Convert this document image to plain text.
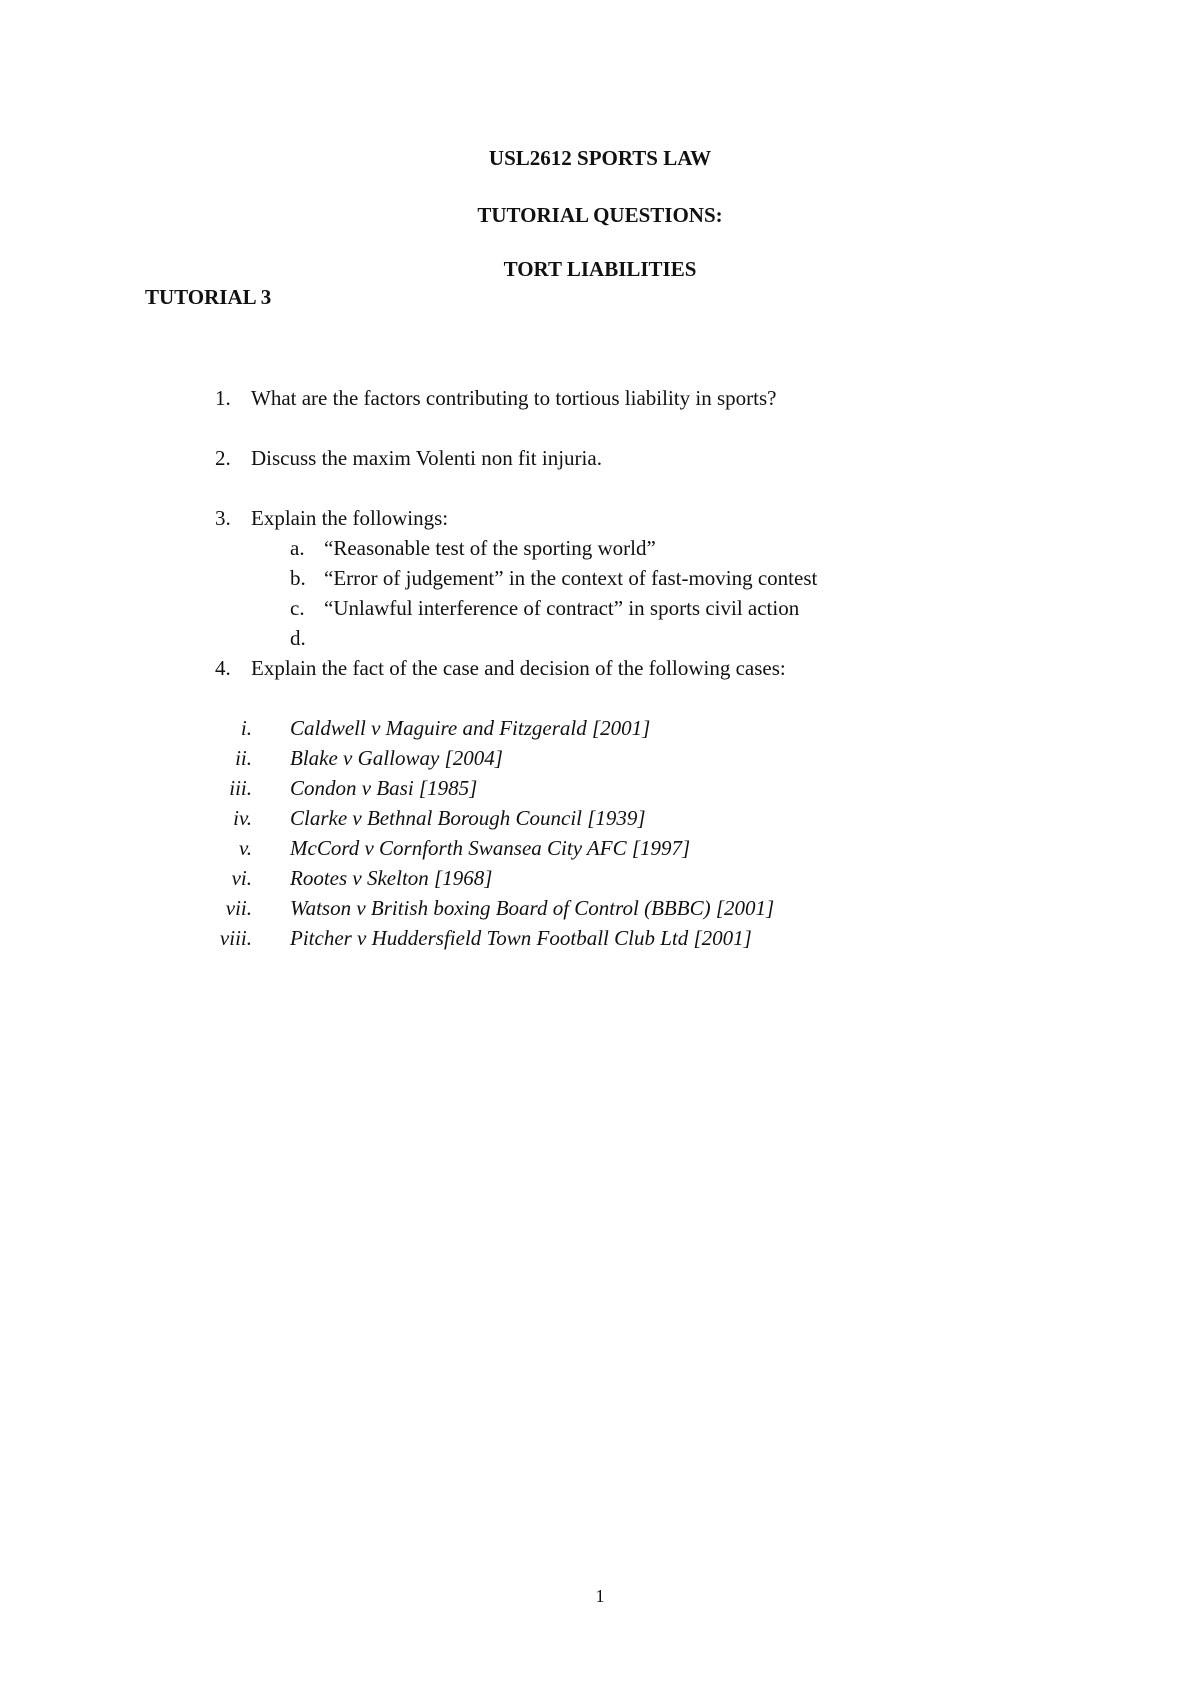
USL2612 SPORTS LAW
TUTORIAL QUESTIONS:
TORT LIABILITIES
TUTORIAL 3
1. What are the factors contributing to tortious liability in sports?
2. Discuss the maxim Volenti non fit injuria.
3. Explain the followings:
a. “Reasonable test of the sporting world”
b. “Error of judgement” in the context of fast-moving contest
c. “Unlawful interference of contract” in sports civil action
d.
4. Explain the fact of the case and decision of the following cases:
i. Caldwell v Maguire and Fitzgerald [2001]
ii. Blake v Galloway [2004]
iii. Condon v Basi [1985]
iv. Clarke v Bethnal Borough Council [1939]
v. McCord v Cornforth Swansea City AFC [1997]
vi. Rootes v Skelton [1968]
vii. Watson v British boxing Board of Control (BBBC) [2001]
viii. Pitcher v Huddersfield Town Football Club Ltd [2001]
1
